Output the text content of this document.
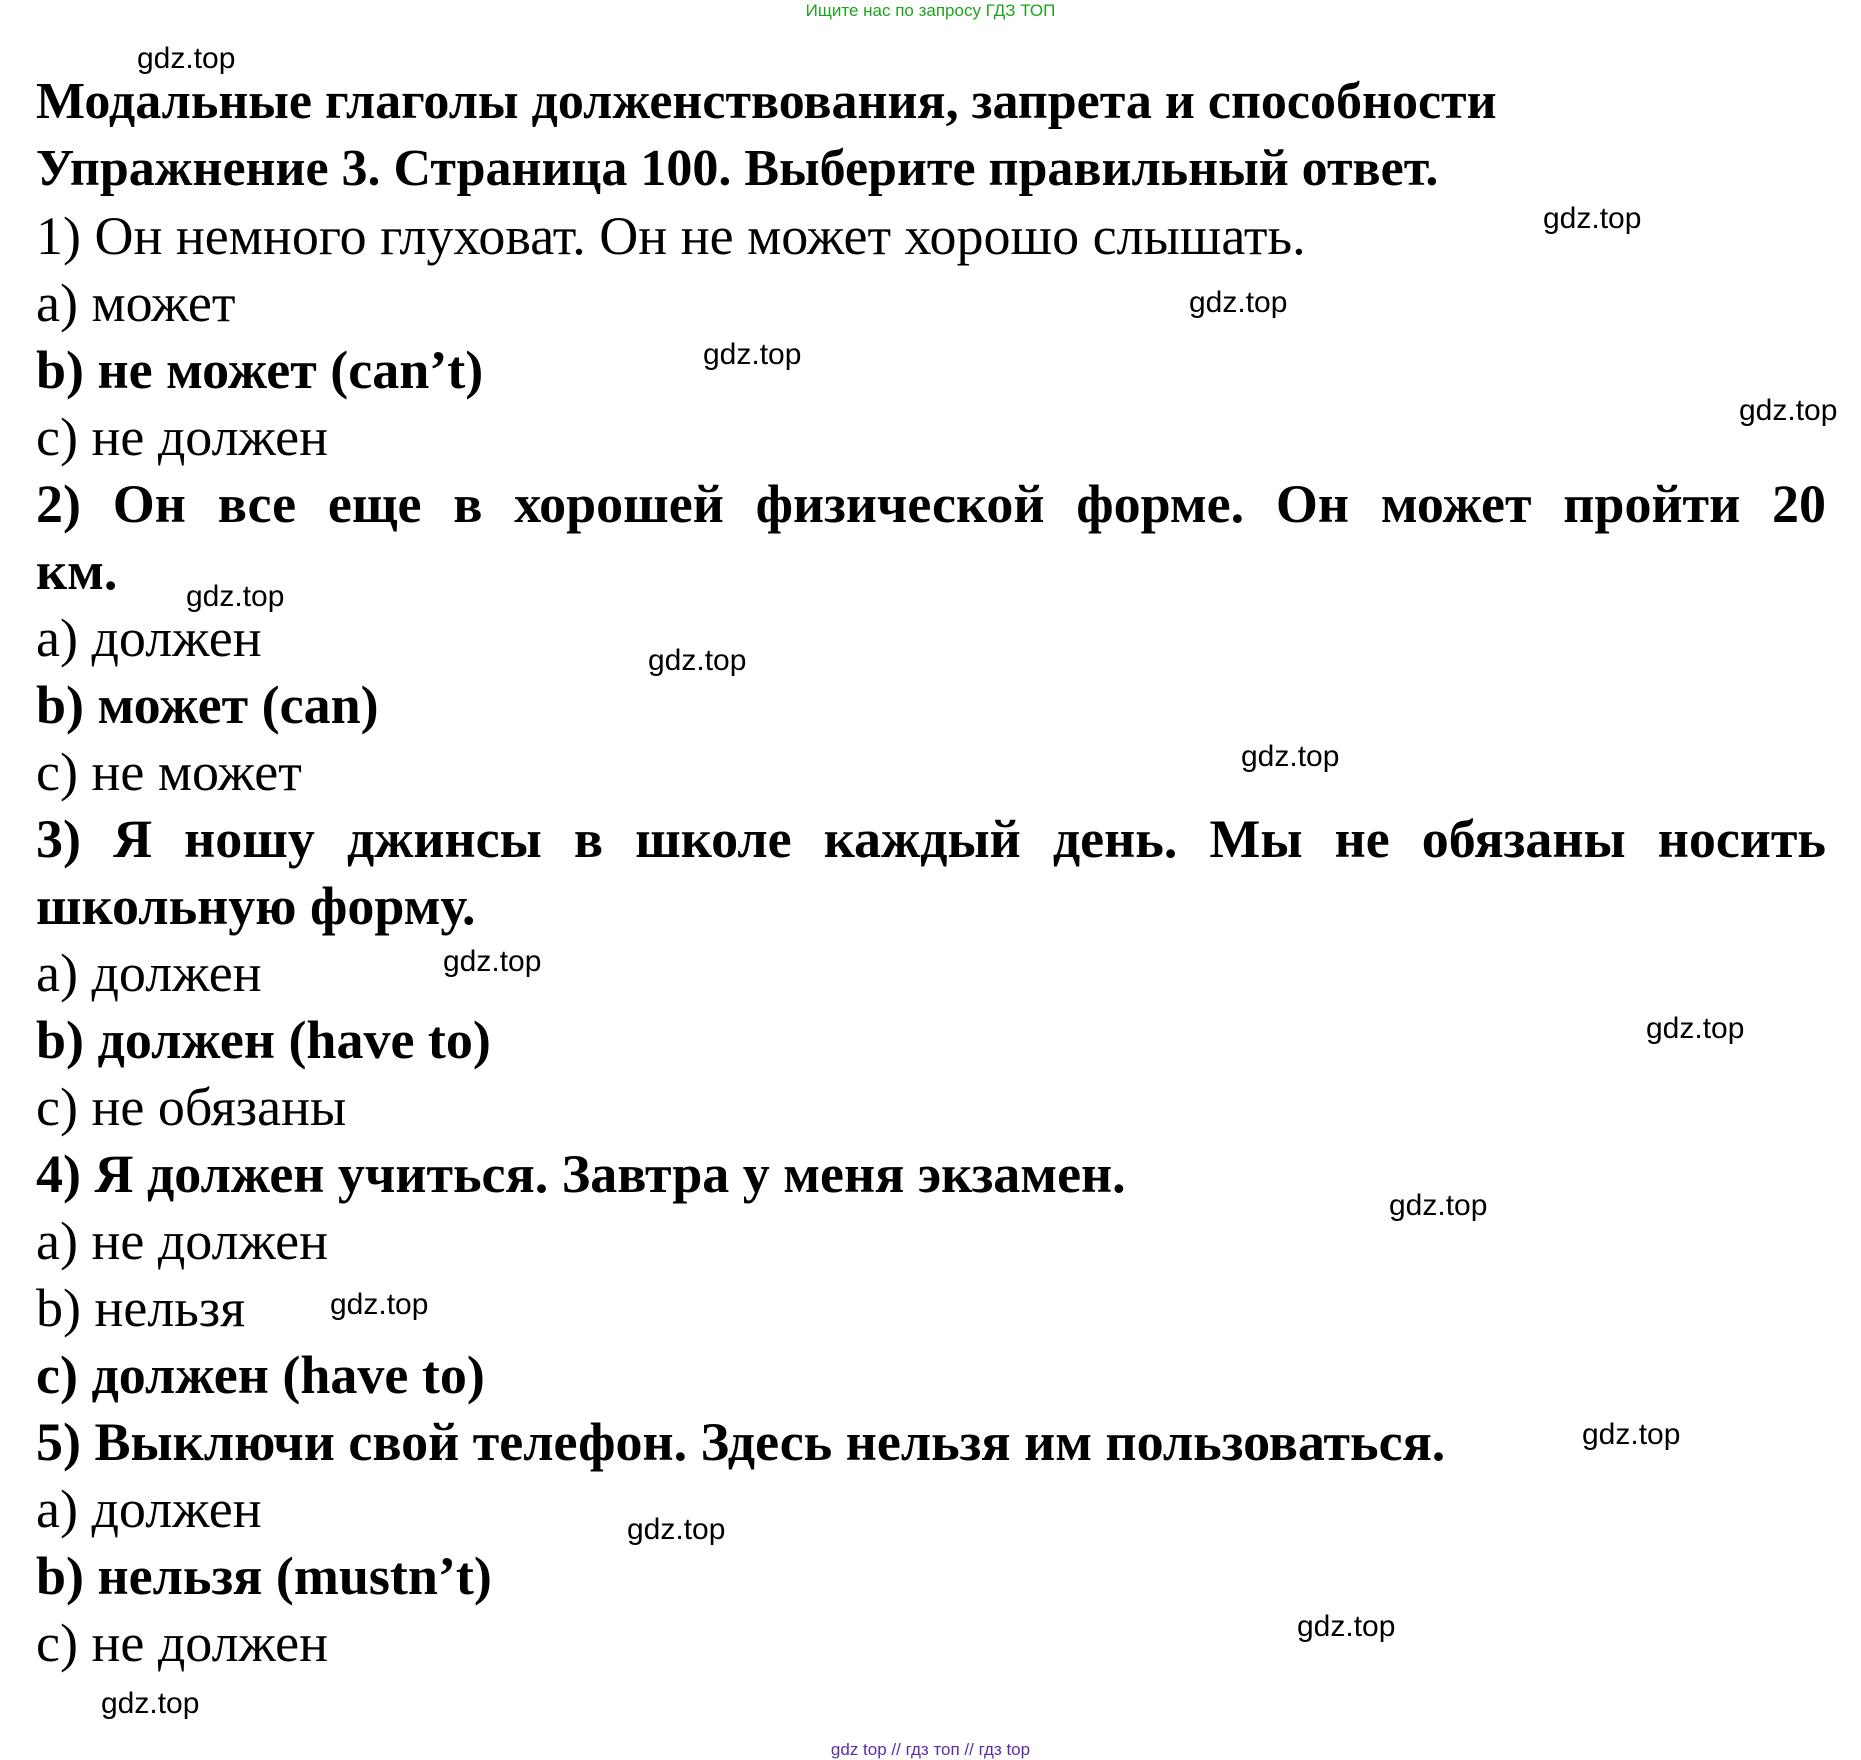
Ищите нас по запросу ГДЗ ТОП
Модальные глаголы долженствования, запрета и способности
Упражнение 3. Страница 100. Выберите правильный ответ.
1) Он немного глуховат. Он не может хорошо слышать.
a) может
b) не может (can’t)
c) не должен
2) Он все еще в хорошей физической форме. Он может пройти 20
км.
a) должен
b) может (can)
c) не может
3) Я ношу джинсы в школе каждый день. Мы не обязаны носить
школьную форму.
a) должен
b) должен (have to)
c) не обязаны
4) Я должен учиться. Завтра у меня экзамен.
a) не должен
b) нельзя
c) должен (have to)
5) Выключи свой телефон. Здесь нельзя им пользоваться.
a) должен
b) нельзя (mustn’t)
c) не должен
gdz.top
gdz.top
gdz.top
gdz.top
gdz.top
gdz.top
gdz.top
gdz.top
gdz.top
gdz.top
gdz.top
gdz.top
gdz.top
gdz.top
gdz.top
gdz.top
gdz top // гдз топ // гдз top
